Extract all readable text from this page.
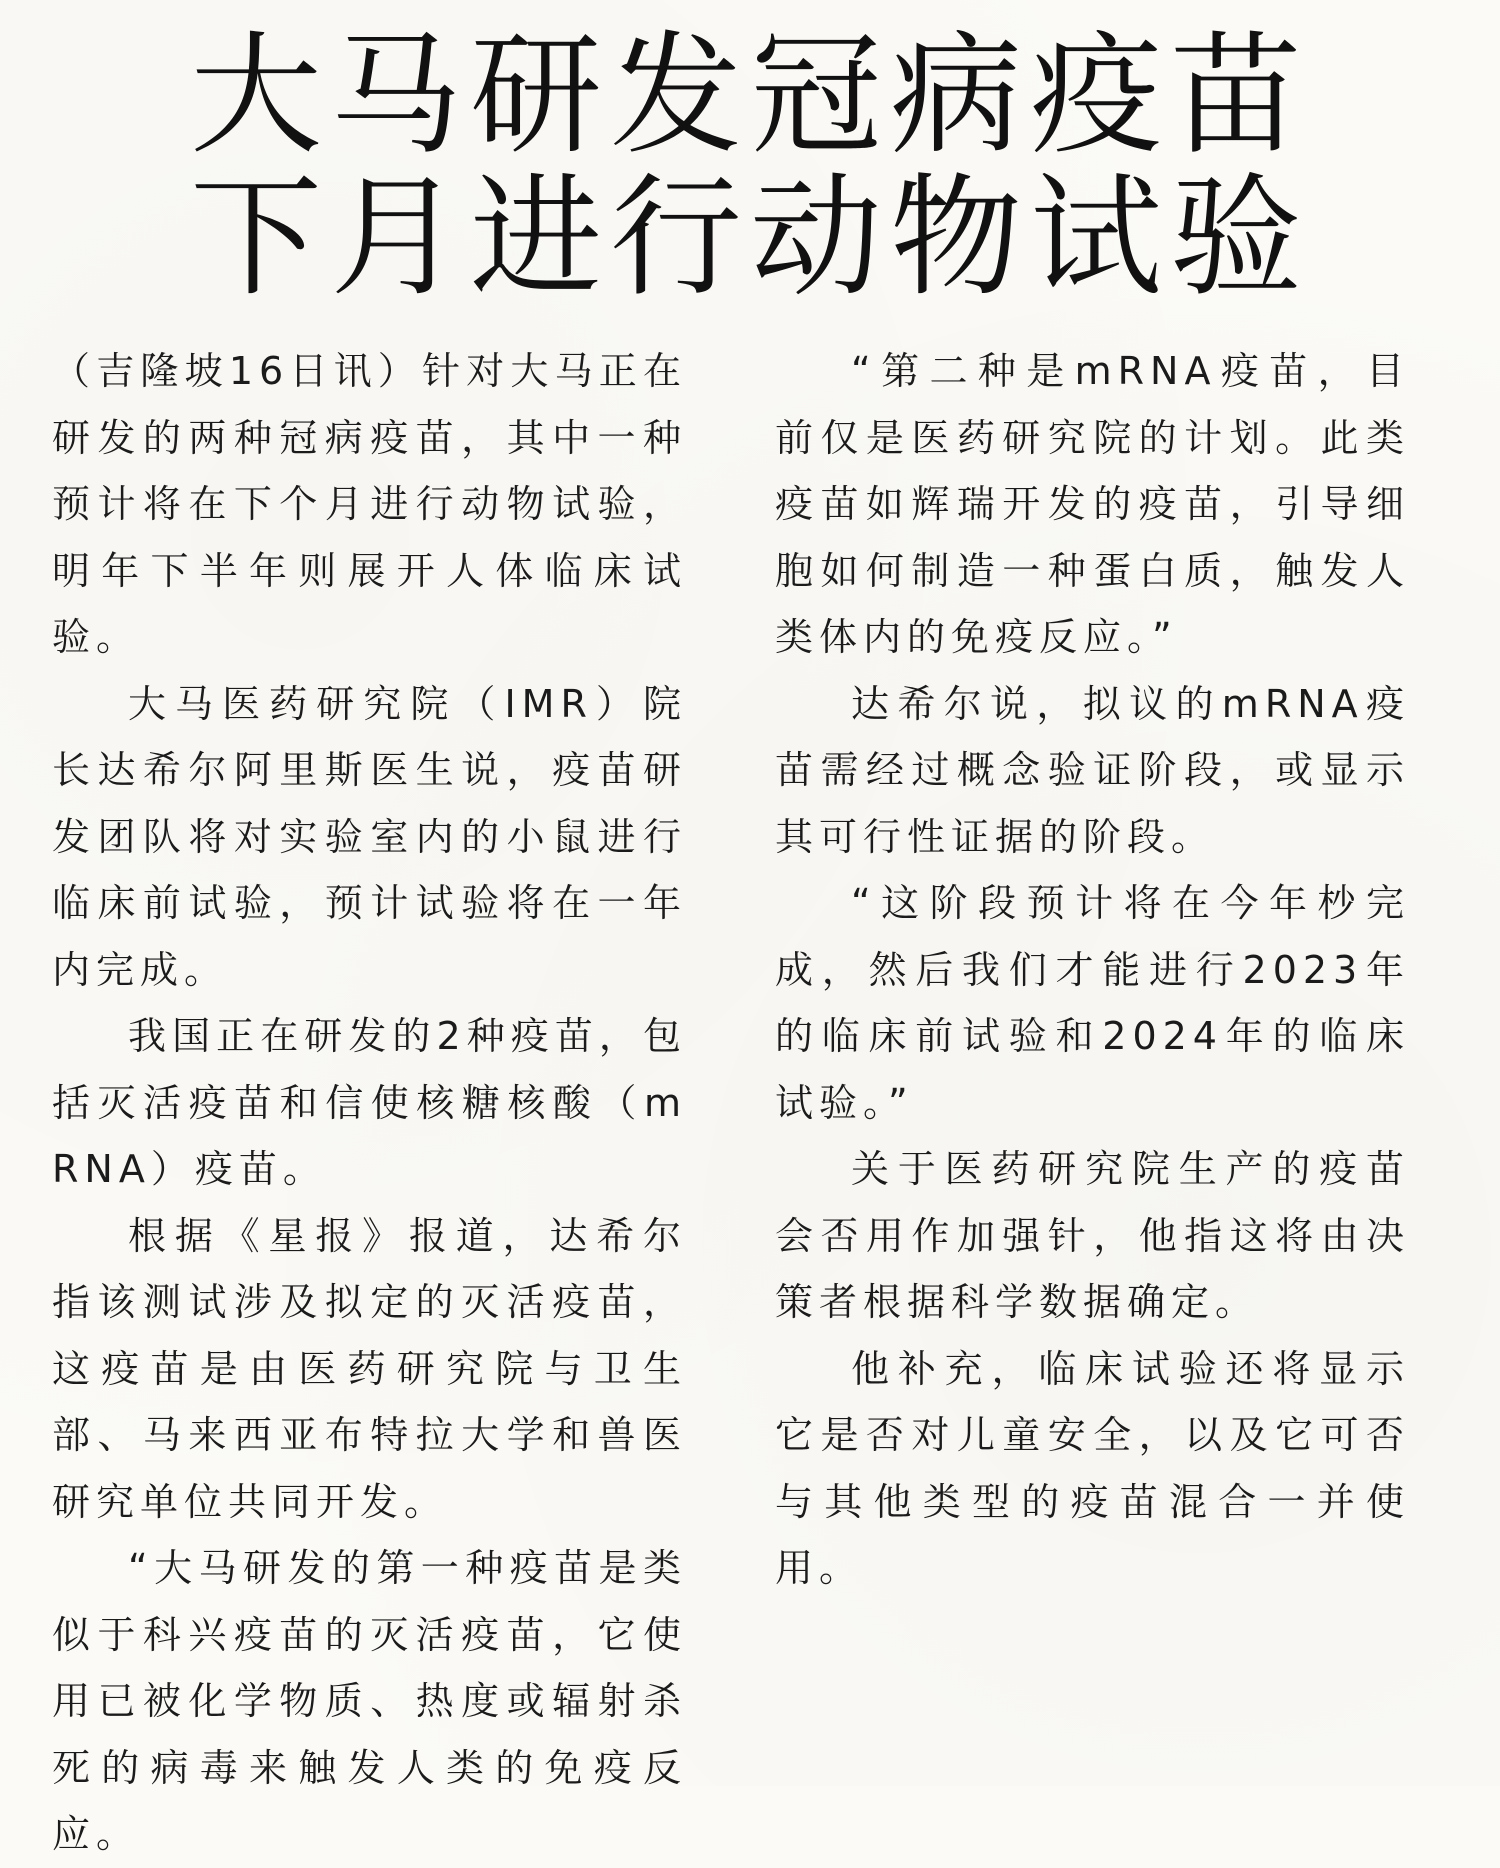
大马研发冠病疫苗
下月进行动物试验

（吉隆坡16日讯）针对大马正在研发的两种冠病疫苗，其中一种预计将在下个月进行动物试验，明年下半年则展开人体临床试验。

大马医药研究院（IMR）院长达希尔阿里斯医生说，疫苗研发团队将对实验室内的小鼠进行临床前试验，预计试验将在一年内完成。

我国正在研发的2种疫苗，包括灭活疫苗和信使核糖核酸（mRNA）疫苗。

根据《星报》报道，达希尔指该测试涉及拟定的灭活疫苗，这疫苗是由医药研究院与卫生部、马来西亚布特拉大学和兽医研究单位共同开发。

“大马研发的第一种疫苗是类似于科兴疫苗的灭活疫苗，它使用已被化学物质、热度或辐射杀死的病毒来触发人类的免疫反应。

“第二种是mRNA疫苗，目前仅是医药研究院的计划。此类疫苗如辉瑞开发的疫苗，引导细胞如何制造一种蛋白质，触发人类体内的免疫反应。”

达希尔说，拟议的mRNA疫苗需经过概念验证阶段，或显示其可行性证据的阶段。

“这阶段预计将在今年杪完成，然后我们才能进行2023年的临床前试验和2024年的临床试验。”

关于医药研究院生产的疫苗会否用作加强针，他指这将由决策者根据科学数据确定。

他补充，临床试验还将显示它是否对儿童安全，以及它可否与其他类型的疫苗混合一并使用。
